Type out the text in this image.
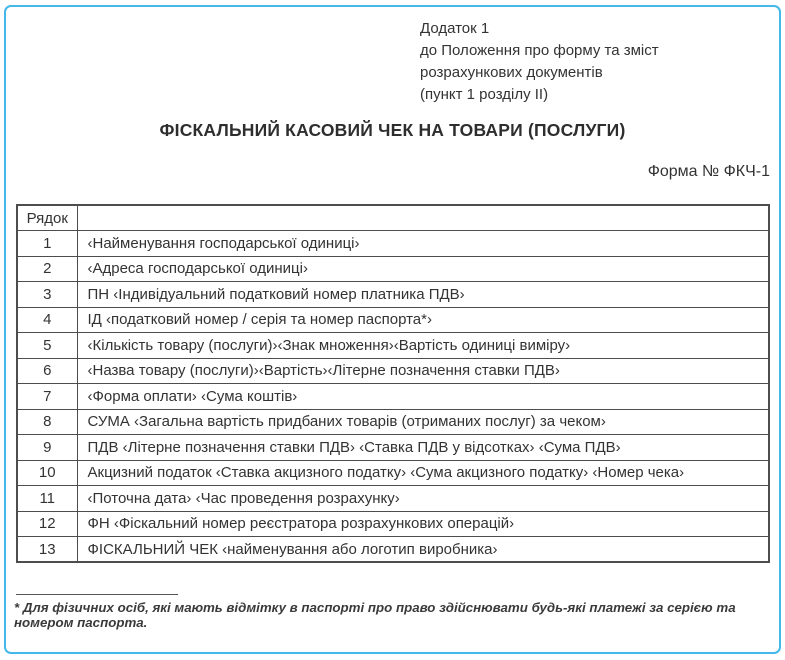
Додаток 1
до Положення про форму та зміст
розрахункових документів
(пункт 1 розділу ІІ)
ФІСКАЛЬНИЙ КАСОВИЙ ЧЕК НА ТОВАРИ (ПОСЛУГИ)
Форма № ФКЧ-1
Рядок	
1	‹Найменування господарської одиниці›
2	‹Адреса господарської одиниці›
3	ПН ‹Індивідуальний податковий номер платника ПДВ›
4	ІД ‹податковий номер / серія та номер паспорта*›
5	‹Кількість товару (послуги)›‹Знак множення›‹Вартість одиниці виміру›
6	‹Назва товару (послуги)›‹Вартість›‹Літерне позначення ставки ПДВ›
7	‹Форма оплати› ‹Сума коштів›
8	СУМА ‹Загальна вартість придбаних товарів (отриманих послуг) за чеком›
9	ПДВ ‹Літерне позначення ставки ПДВ› ‹Ставка ПДВ у відсотках› ‹Сума ПДВ›
10	Акцизний податок ‹Ставка акцизного податку› ‹Сума акцизного податку› ‹Номер чека›
11	‹Поточна дата› ‹Час проведення розрахунку›
12	ФН ‹Фіскальний номер реєстратора розрахункових операцій›
13	ФІСКАЛЬНИЙ ЧЕК ‹найменування або логотип виробника›
* Для фізичних осіб, які мають відмітку в паспорті про право здійснювати будь-які платежі за серією та номером паспорта.
